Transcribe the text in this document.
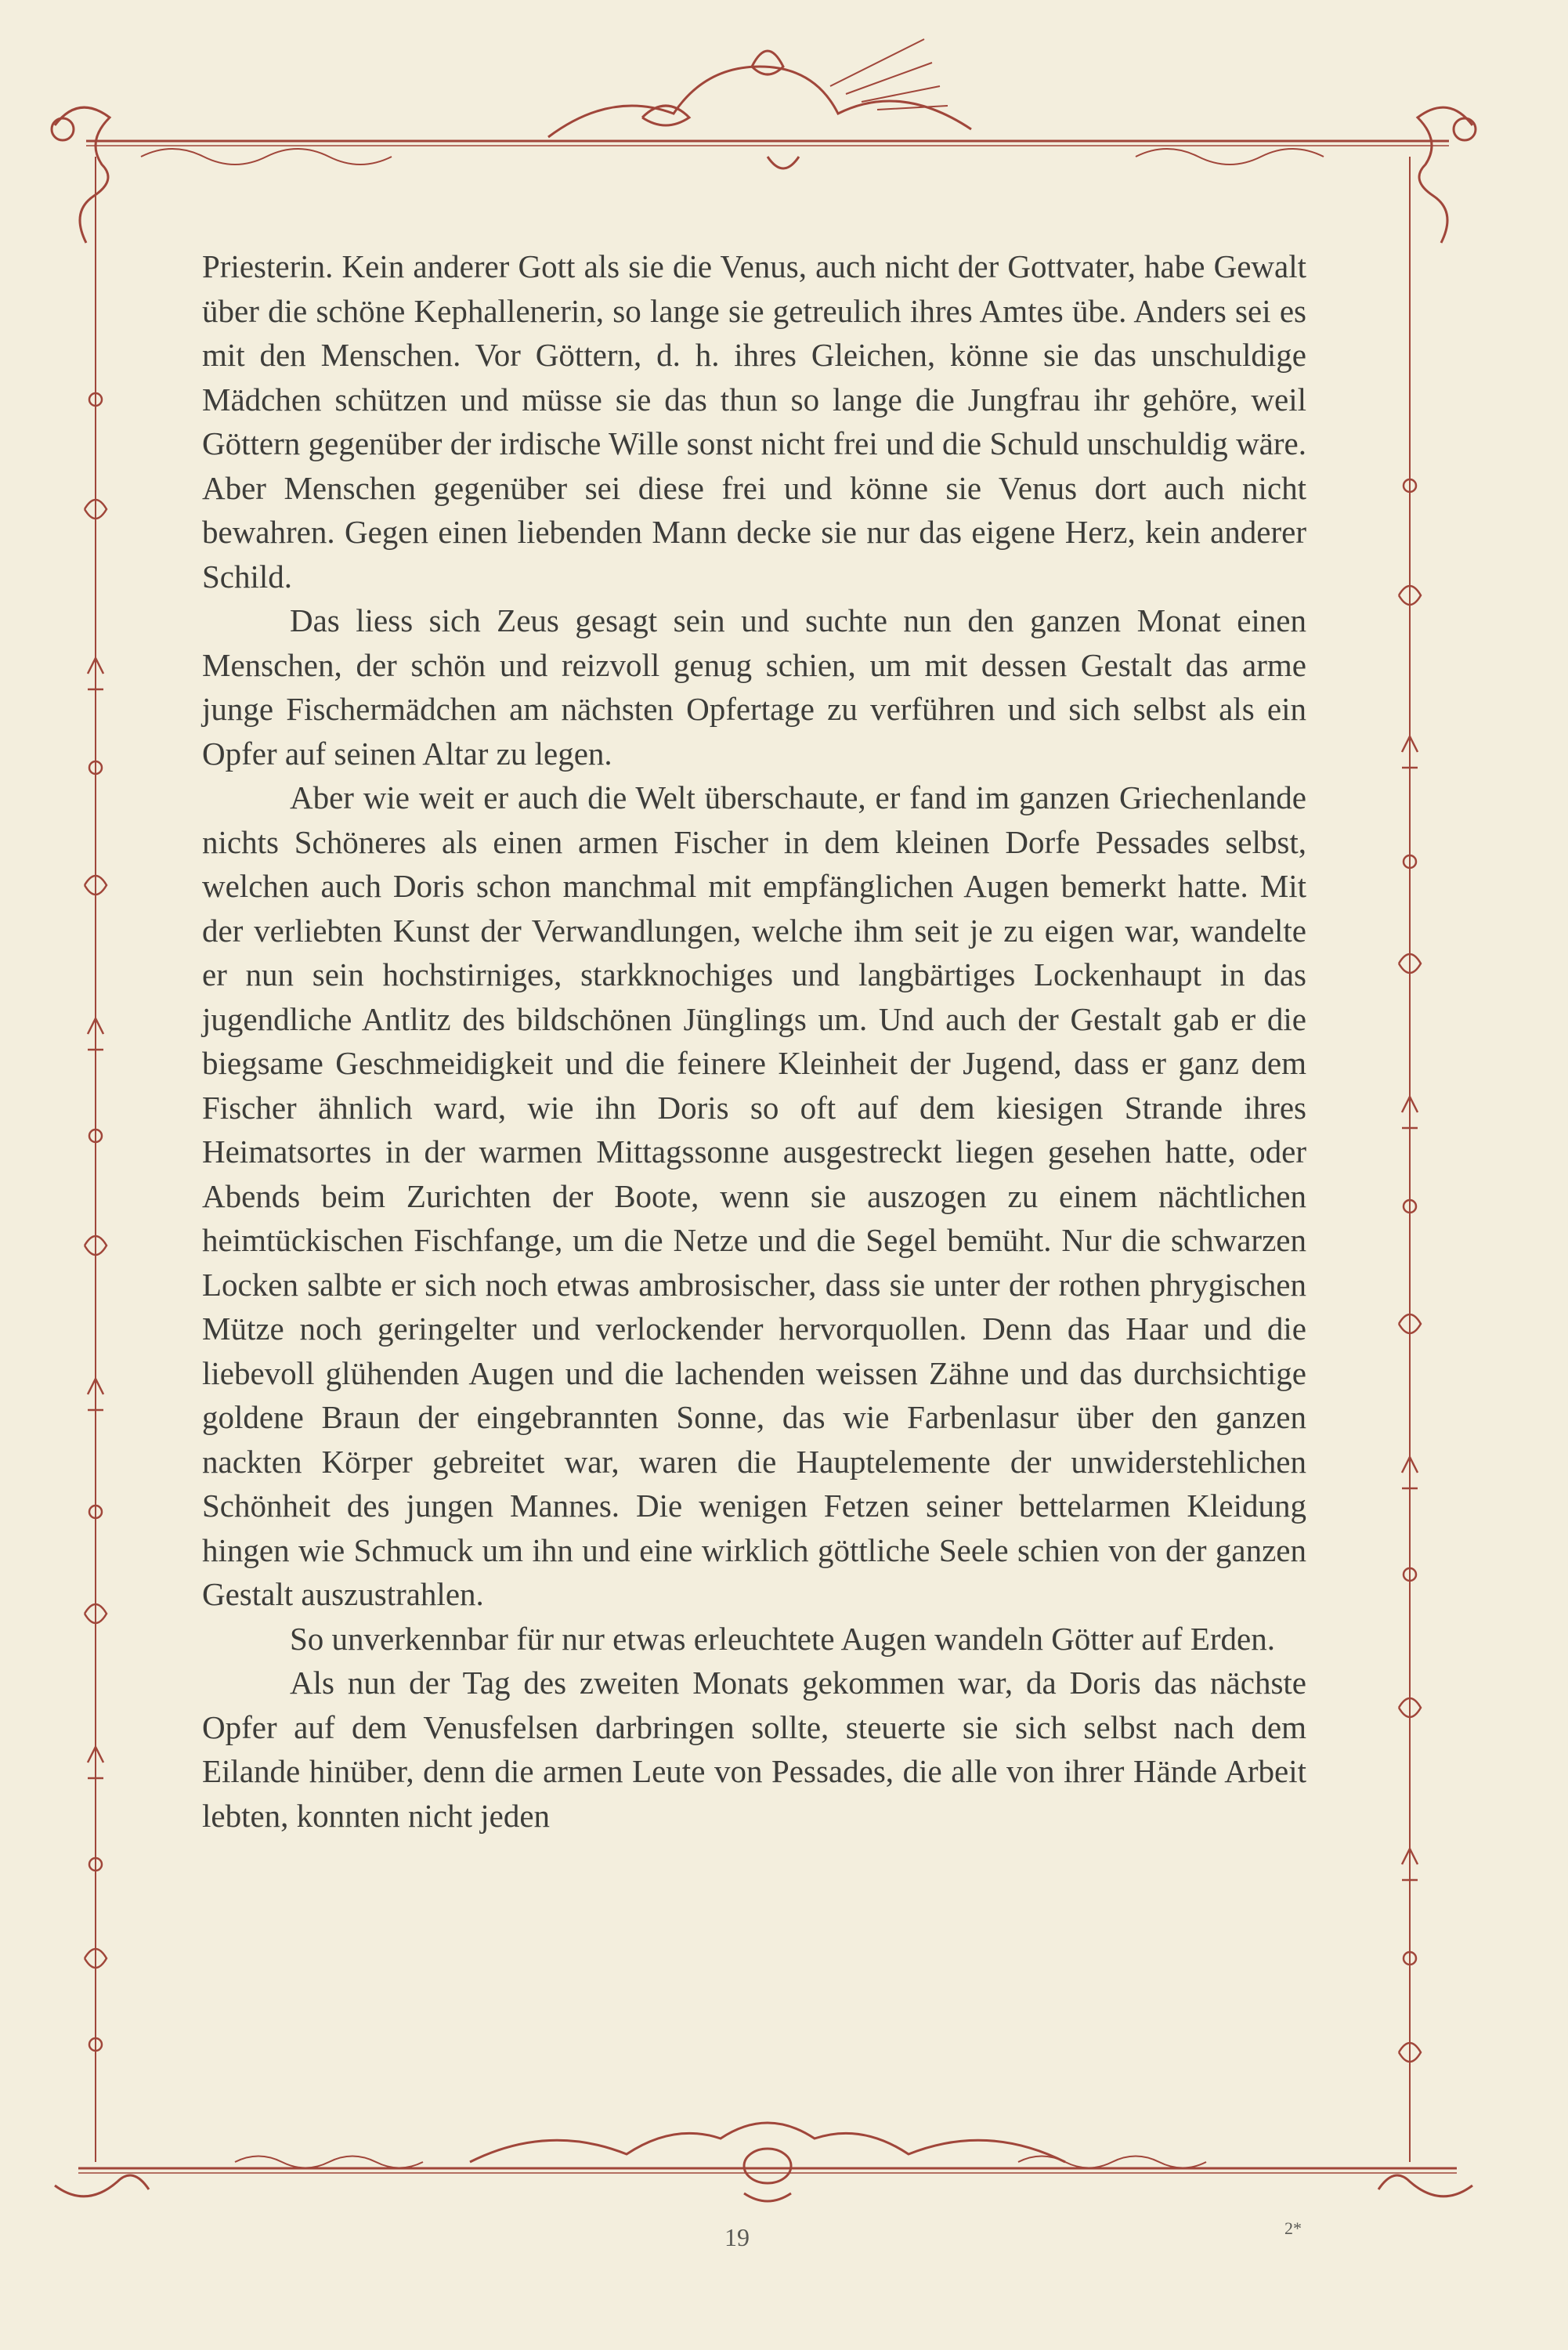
Priesterin. Kein anderer Gott als sie die Venus, auch nicht der Gottvater, habe Gewalt über die schöne Kephallenerin, so lange sie getreulich ihres Amtes übe. Anders sei es mit den Menschen. Vor Göttern, d. h. ihres Gleichen, könne sie das unschuldige Mädchen schützen und müsse sie das thun so lange die Jungfrau ihr gehöre, weil Göttern gegenüber der irdische Wille sonst nicht frei und die Schuld unschuldig wäre. Aber Menschen gegenüber sei diese frei und könne sie Venus dort auch nicht bewahren. Gegen einen liebenden Mann decke sie nur das eigene Herz, kein anderer Schild.

Das liess sich Zeus gesagt sein und suchte nun den ganzen Monat einen Menschen, der schön und reizvoll genug schien, um mit dessen Gestalt das arme junge Fischermädchen am nächsten Opfertage zu verführen und sich selbst als ein Opfer auf seinen Altar zu legen.

Aber wie weit er auch die Welt überschaute, er fand im ganzen Griechenlande nichts Schöneres als einen armen Fischer in dem kleinen Dorfe Pessades selbst, welchen auch Doris schon manchmal mit empfänglichen Augen bemerkt hatte. Mit der verliebten Kunst der Verwandlungen, welche ihm seit je zu eigen war, wandelte er nun sein hochstirniges, starkknochiges und langbärtiges Lockenhaupt in das jugendliche Antlitz des bildschönen Jünglings um. Und auch der Gestalt gab er die biegsame Geschmeidigkeit und die feinere Kleinheit der Jugend, dass er ganz dem Fischer ähnlich ward, wie ihn Doris so oft auf dem kiesigen Strande ihres Heimatsortes in der warmen Mittagssonne ausgestreckt liegen gesehen hatte, oder Abends beim Zurichten der Boote, wenn sie auszogen zu einem nächtlichen heimtückischen Fischfange, um die Netze und die Segel bemüht. Nur die schwarzen Locken salbte er sich noch etwas ambrosischer, dass sie unter der rothen phrygischen Mütze noch geringelter und verlockender hervorquollen. Denn das Haar und die liebevoll glühenden Augen und die lachenden weissen Zähne und das durchsichtige goldene Braun der eingebrannten Sonne, das wie Farbenlasur über den ganzen nackten Körper gebreitet war, waren die Hauptelemente der unwiderstehlichen Schönheit des jungen Mannes. Die wenigen Fetzen seiner bettelarmen Kleidung hingen wie Schmuck um ihn und eine wirklich göttliche Seele schien von der ganzen Gestalt auszustrahlen.

So unverkennbar für nur etwas erleuchtete Augen wandeln Götter auf Erden.

Als nun der Tag des zweiten Monats gekommen war, da Doris das nächste Opfer auf dem Venusfelsen darbringen sollte, steuerte sie sich selbst nach dem Eilande hinüber, denn die armen Leute von Pessades, die alle von ihrer Hände Arbeit lebten, konnten nicht jeden

19	2*
